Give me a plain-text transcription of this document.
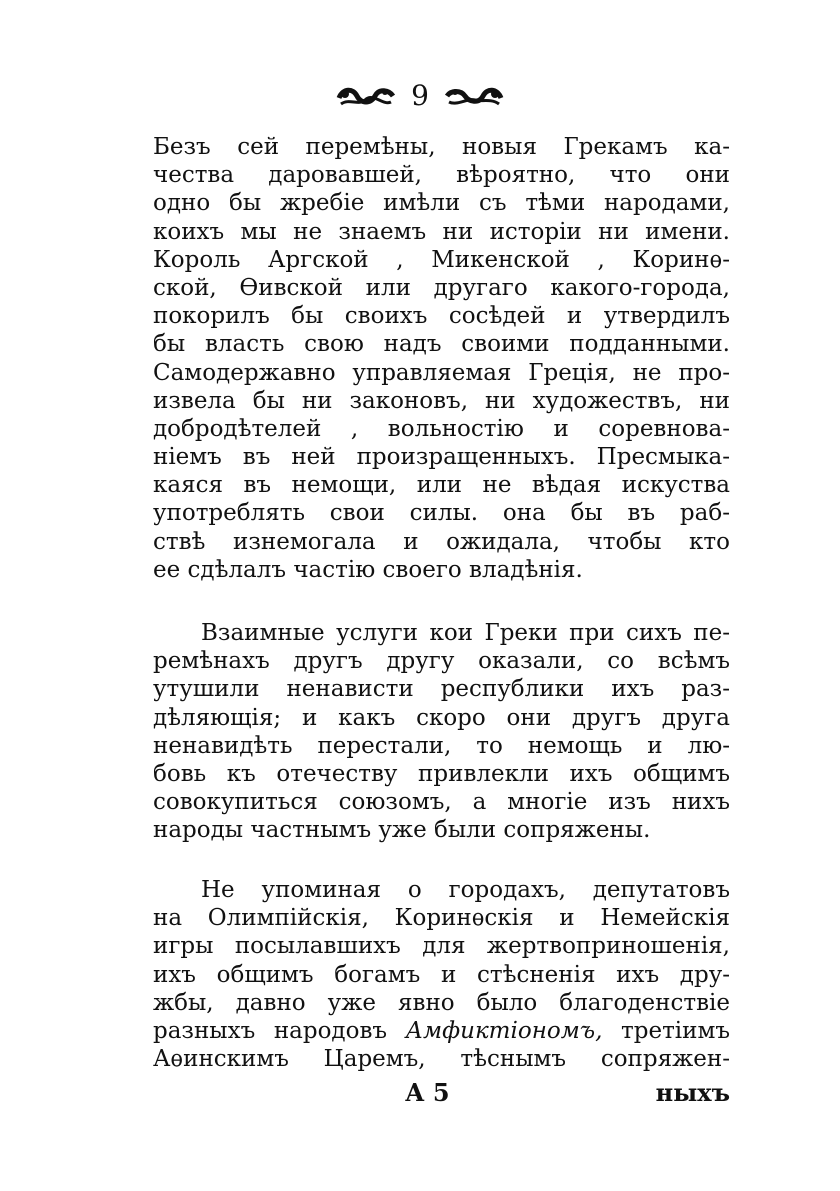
9
Безъ сей перемѣны, новыя Грекамъ ка-
чества даровавшей, вѣроятно, что они
одно бы жребіе имѣли съ тѣми народами,
коихъ мы не знаемъ ни исторіи ни имени.
Король Аргской , Микенской , Коринѳ-
ской, Ѳивской или другаго какого-города,
покорилъ бы своихъ сосѣдей и утвердилъ
бы власть свою надъ своими подданными.
Самодержавно управляемая Грецiя, не про-
извела бы ни законовъ, ни художествъ, ни
добродѣтелей , вольностiю и соревнова-
нiемъ въ ней произращенныхъ. Пресмыка-
каяся въ немощи, или не вѣдая искуства
употреблять свои силы. она бы въ раб-
ствѣ изнемогала и ожидала, чтобы кто
ее сдѣлалъ частiю своего владѣнiя.
Взаимные услуги кои Греки при сихъ пе-
ремѣнахъ другъ другу оказали, со всѣмъ
утушили ненависти республики ихъ раз-
дѣляющiя; и какъ скоро они другъ друга
ненавидѣть перестали, то немощь и лю-
бовь къ отечеству привлекли ихъ общимъ
совокупиться союзомъ, а многiе изъ нихъ
народы частнымъ уже были сопряжены.
Не упоминая о городахъ, депутатовъ
на Олимпiйскiя, Коринѳскiя и Немейскiя
игры посылавшихъ для жертвоприношенiя,
ихъ общимъ богамъ и стѣсненiя ихъ дру-
жбы, давно уже явно было благоденствiе
разныхъ народовъ Амфиктiономъ, третiимъ
Аѳинскимъ Царемъ, тѣснымъ сопряжен-
А 5	ныхъ
